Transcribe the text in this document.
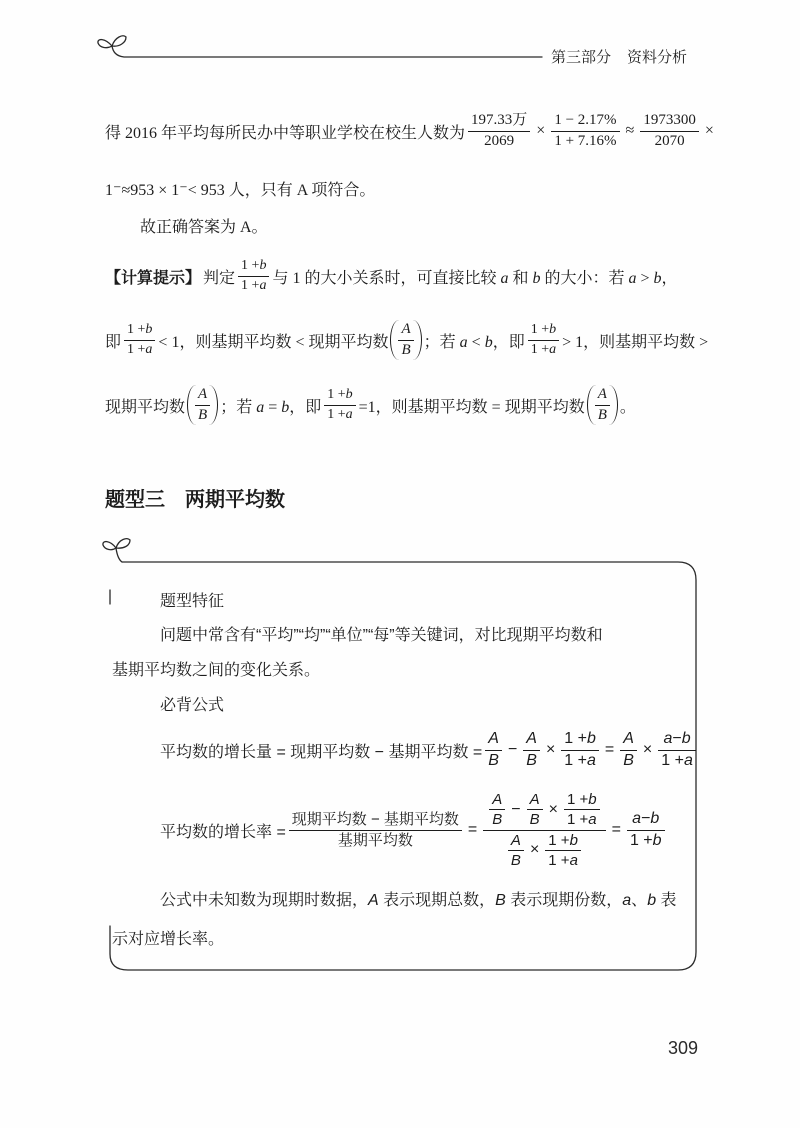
第三部分 资料分析
得 2016 年平均每所民办中等职业学校在校生人数为 $\frac{\text{197.33万}}{2069} \times \frac{1 - 2.17\%}{1 + 7.16\%} \approx \frac{1973300}{2070}$ ×
1⁻≈953 × 1⁻< 953 人，只有 A 项符合。
故正确答案为 A。
【计算提示】 判定 $\frac{1 + b}{1 + a}$ 与 1 的大小关系时，可直接比较 a 和 b 的大小：若 a > b，
即 $\frac{1 + b}{1 + a} < 1$，则基期平均数 < 现期平均数 $\frac{A}{B}$ ；若 a < b，即 $\frac{1 + b}{1 + a} > 1$，则基期平均数 >
现期平均数 $\frac{A}{B}$ ；若 a = b，即 $\frac{1 + b}{1 + a} =1$，则基期平均数 = 现期平均数 $\frac{A}{B}$ 。
题型三 两期平均数
题型特征
问题中常含有“平均”“均”“单位”“每”等关键词，对比现期平均数和
基期平均数之间的变化关系。
必背公式
平均数的增长量 = 现期平均数 − 基期平均数 = $\frac{A}{B} - \frac{A}{B} \times \frac{1 + b}{1 + a} = \frac{A}{B} \times \frac{a - b}{1 + a}$
平均数的增长率 = $\frac{\text{现期平均数 − 基期平均数}}{\text{基期平均数}}$ =
$\frac{A}{B} - \frac{A}{B} \times \frac{1 + b}{1 + a}$
$\frac{A}{B} \times \frac{1 + b}{1 + a}$
= $\frac{a - b}{1 + b}$
公式中未知数为现期时数据，A 表示现期总数，B 表示现期份数，a、b 表
示对应增长率。
309
